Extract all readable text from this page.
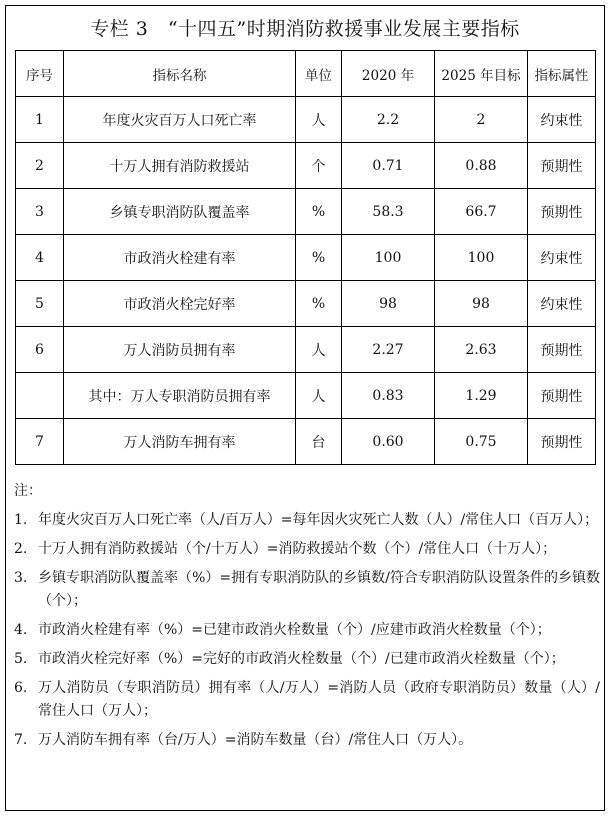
专栏 3　“十四五”时期消防救援事业发展主要指标
序号	指标名称	单位	2020 年	2025 年目标	指标属性
1	年度火灾百万人口死亡率	人	2.2	2	约束性
2	十万人拥有消防救援站	个	0.71	0.88	预期性
3	乡镇专职消防队覆盖率	%	58.3	66.7	预期性
4	市政消火栓建有率	%	100	100	约束性
5	市政消火栓完好率	%	98	98	约束性
6	万人消防员拥有率	人	2.27	2.63	预期性
	其中：万人专职消防员拥有率	人	0.83	1.29	预期性
7	万人消防车拥有率	台	0.60	0.75	预期性
注：
1. 年度火灾百万人口死亡率（人/百万人）=每年因火灾死亡人数（人）/常住人口（百万人）；
2. 十万人拥有消防救援站（个/十万人）=消防救援站个数（个）/常住人口（十万人）；
3. 乡镇专职消防队覆盖率（%）=拥有专职消防队的乡镇数/符合专职消防队设置条件的乡镇数（个）；
4. 市政消火栓建有率（%）=已建市政消火栓数量（个）/应建市政消火栓数量（个）；
5. 市政消火栓完好率（%）=完好的市政消火栓数量（个）/已建市政消火栓数量（个）；
6. 万人消防员（专职消防员）拥有率（人/万人）=消防人员（政府专职消防员）数量（人）/常住人口（万人）；
7. 万人消防车拥有率（台/万人）=消防车数量（台）/常住人口（万人）。
